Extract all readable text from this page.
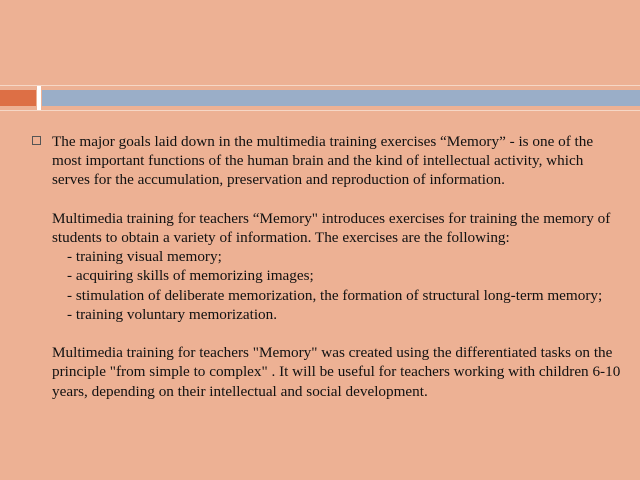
The major goals laid down in the multimedia training exercises “Memory” - is one of the most important functions of the human brain and the kind of intellectual activity, which serves for the accumulation, preservation and reproduction of information.

Multimedia training for teachers “Memory" introduces exercises for training the memory of students to obtain a variety of information. The exercises are the following:

- training visual memory;

- acquiring skills of memorizing images;

- stimulation of deliberate memorization, the formation of structural long-term memory;

- training voluntary memorization.

Multimedia training for teachers "Memory" was created using the differentiated tasks on the principle "from simple to complex" . It will be useful for teachers working with children 6-10 years, depending on their intellectual and social development.
